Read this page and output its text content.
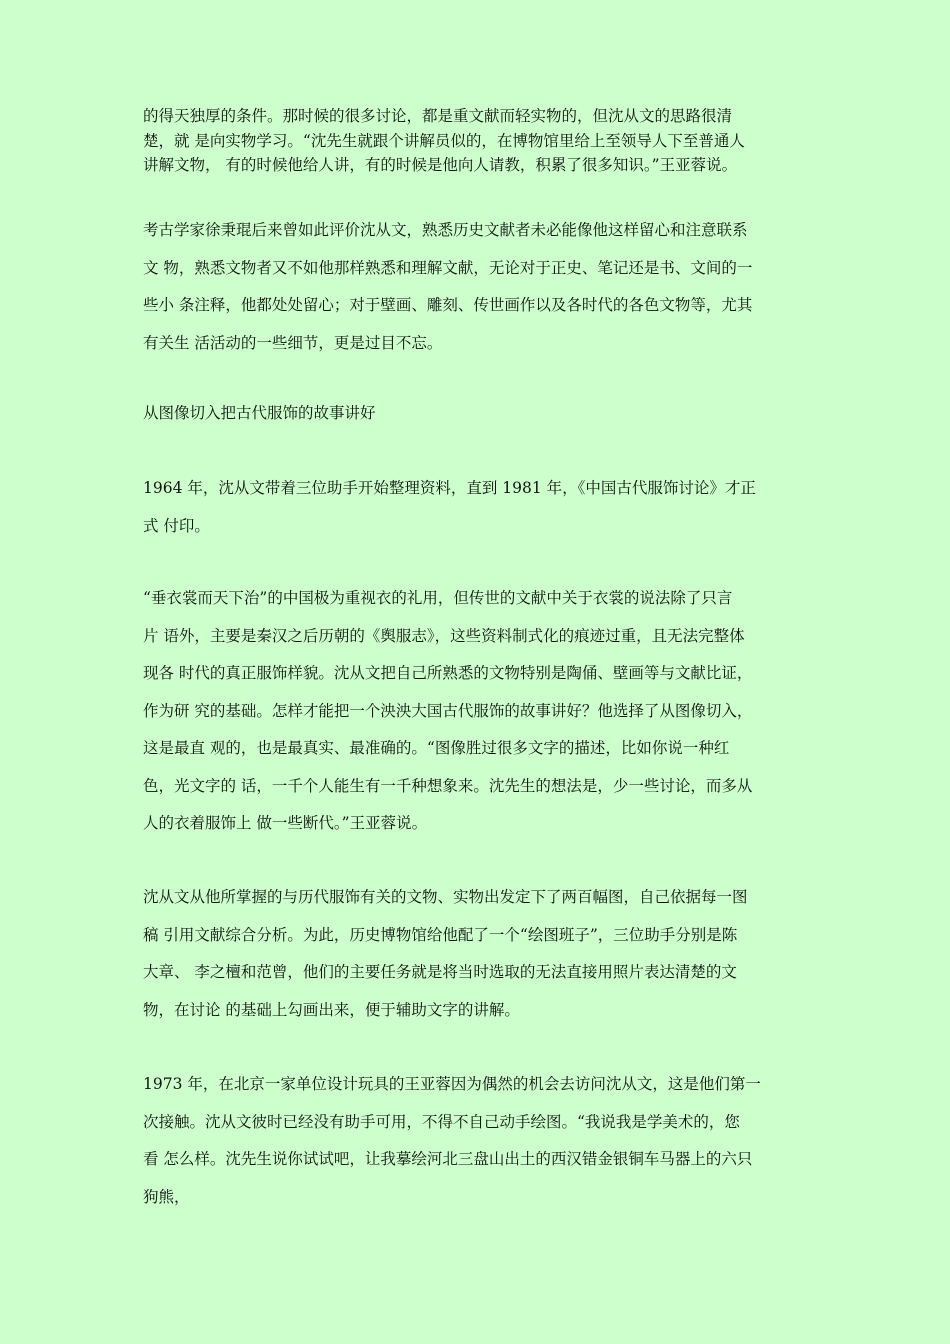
的得天独厚的条件。那时候的很多讨论，都是重文献而轻实物的，但沈从文的思路很清
楚，就 是向实物学习。“沈先生就跟个讲解员似的，在博物馆里给上至领导人下至普通人
讲解文物， 有的时候他给人讲，有的时候是他向人请教，积累了很多知识。”王亚蓉说。

考古学家徐秉琨后来曾如此评价沈从文，熟悉历史文献者未必能像他这样留心和注意联系
文 物，熟悉文物者又不如他那样熟悉和理解文献，无论对于正史、笔记还是书、文间的一
些小 条注释，他都处处留心；对于壁画、雕刻、传世画作以及各时代的各色文物等，尤其
有关生 活活动的一些细节，更是过目不忘。

从图像切入把古代服饰的故事讲好

1964 年，沈从文带着三位助手开始整理资料，直到 1981 年，《中国古代服饰讨论》才正
式 付印。

“垂衣裳而天下治”的中国极为重视衣的礼用，但传世的文献中关于衣裳的说法除了只言
片 语外，主要是秦汉之后历朝的《舆服志》，这些资料制式化的痕迹过重，且无法完整体
现各 时代的真正服饰样貌。沈从文把自己所熟悉的文物特别是陶俑、壁画等与文献比证，
作为研 究的基础。怎样才能把一个泱泱大国古代服饰的故事讲好？他选择了从图像切入，
这是最直 观的，也是最真实、最准确的。“图像胜过很多文字的描述，比如你说一种红
色，光文字的 话，一千个人能生有一千种想象来。沈先生的想法是，少一些讨论，而多从
人的衣着服饰上 做一些断代。”王亚蓉说。

沈从文从他所掌握的与历代服饰有关的文物、实物出发定下了两百幅图，自己依据每一图
稿 引用文献综合分析。为此，历史博物馆给他配了一个“绘图班子”，三位助手分别是陈
大章、 李之檀和范曾，他们的主要任务就是将当时选取的无法直接用照片表达清楚的文
物，在讨论 的基础上勾画出来，便于辅助文字的讲解。

1973 年，在北京一家单位设计玩具的王亚蓉因为偶然的机会去访问沈从文，这是他们第一
次接触。沈从文彼时已经没有助手可用，不得不自己动手绘图。“我说我是学美术的，您
看 怎么样。沈先生说你试试吧，让我摹绘河北三盘山出土的西汉错金银铜车马器上的六只
狗熊，
